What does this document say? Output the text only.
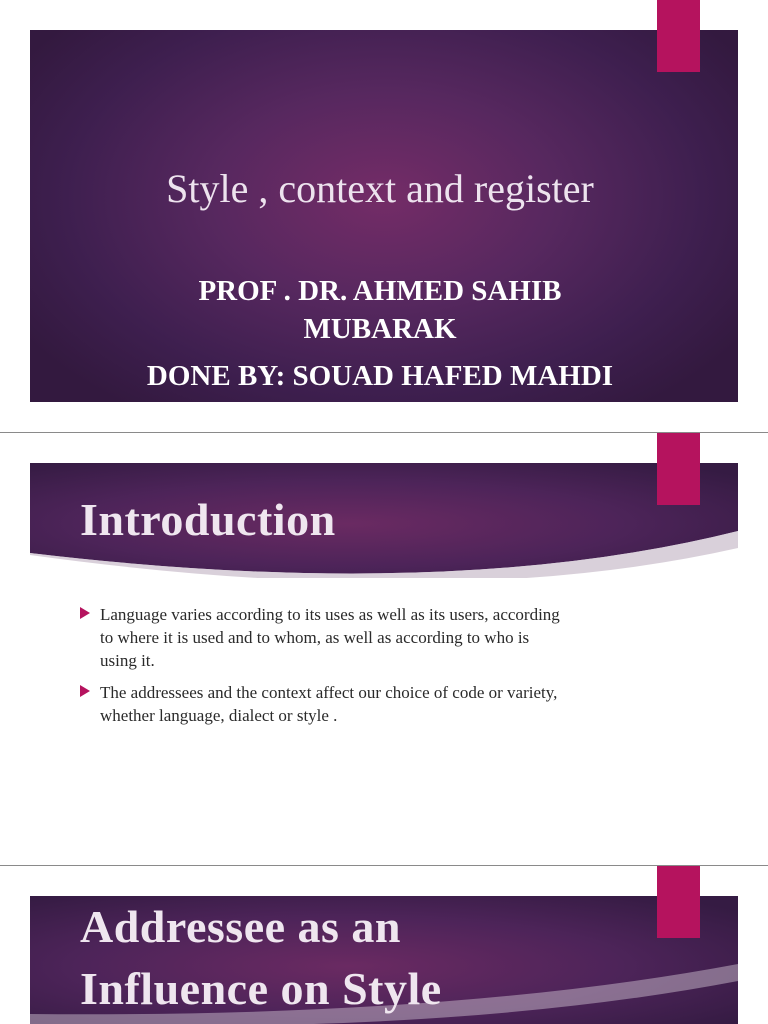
Style , context and register
PROF . DR. AHMED SAHIB
MUBARAK
DONE BY: SOUAD HAFED MAHDI
Introduction
Language varies according to its uses as well as its users, according
to where it is used and to whom, as well as according to who is
using it.
The addressees and the context affect our choice of code or variety,
whether language, dialect or style .
Addressee as an
Influence on Style
